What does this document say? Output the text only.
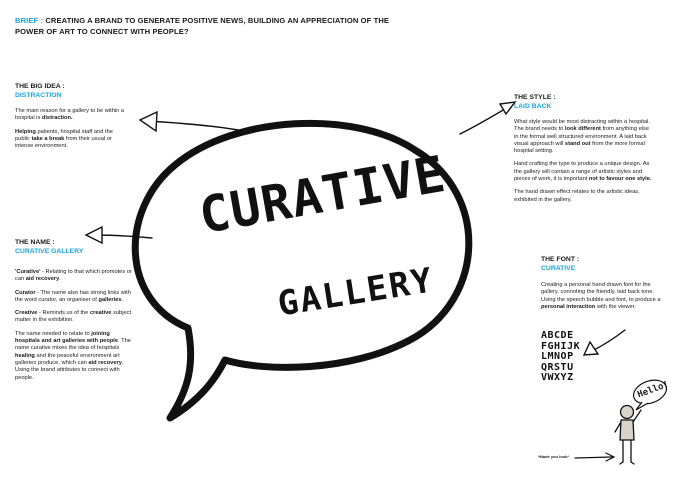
BRIEF : CREATING A BRAND TO GENERATE POSITIVE NEWS, BUILDING AN APPRECIATION OF THE POWER OF ART TO CONNECT WITH PEOPLE?
CURATIVE
GALLERY
Hello!
*Made you look*
THE BIG IDEA :
DISTRACTION

The main reason for a gallery to be within a hospital is distraction.

Helping patients, hospital staff and the public take a break from their usual or intense environment.

THE NAME :
CURATIVE GALLERY

'Curative' - Relating to that which promotes or can aid recovery.

Curator - The name also has strong links with the word curator, an organiser of galleries.

Creative - Reminds us of the creative subject matter in the exhibition.

The name needed to relate to joining hospitals and art galleries with people. The name curative mixes the idea of hospitals healing and the peaceful environment art galleries produce, which can aid recovery. Using the brand attributes to connect with people.

THE STYLE :
LAID BACK

What style would be most distracting within a hospital. The brand needs to look different from anything else in the formal well structured environment. A laid back visual approach will stand out from the more formal hospital setting.

Hand crafting the type to produce a unique design. As the gallery will contain a range of artistic styles and pieces of work, it is important not to favour one style.

The hand drawn effect relates to the artistic ideas, exhibited in the gallery.

THE FONT :
CURATIVE

Creating a personal hand drawn font for the gallery, connoting the friendly, laid back tone. Using the speech bubble and font, to produce a personal interaction with the viewer.

ABCDE
FGHIJK
LMNOP
QRSTU
VWXYZ
